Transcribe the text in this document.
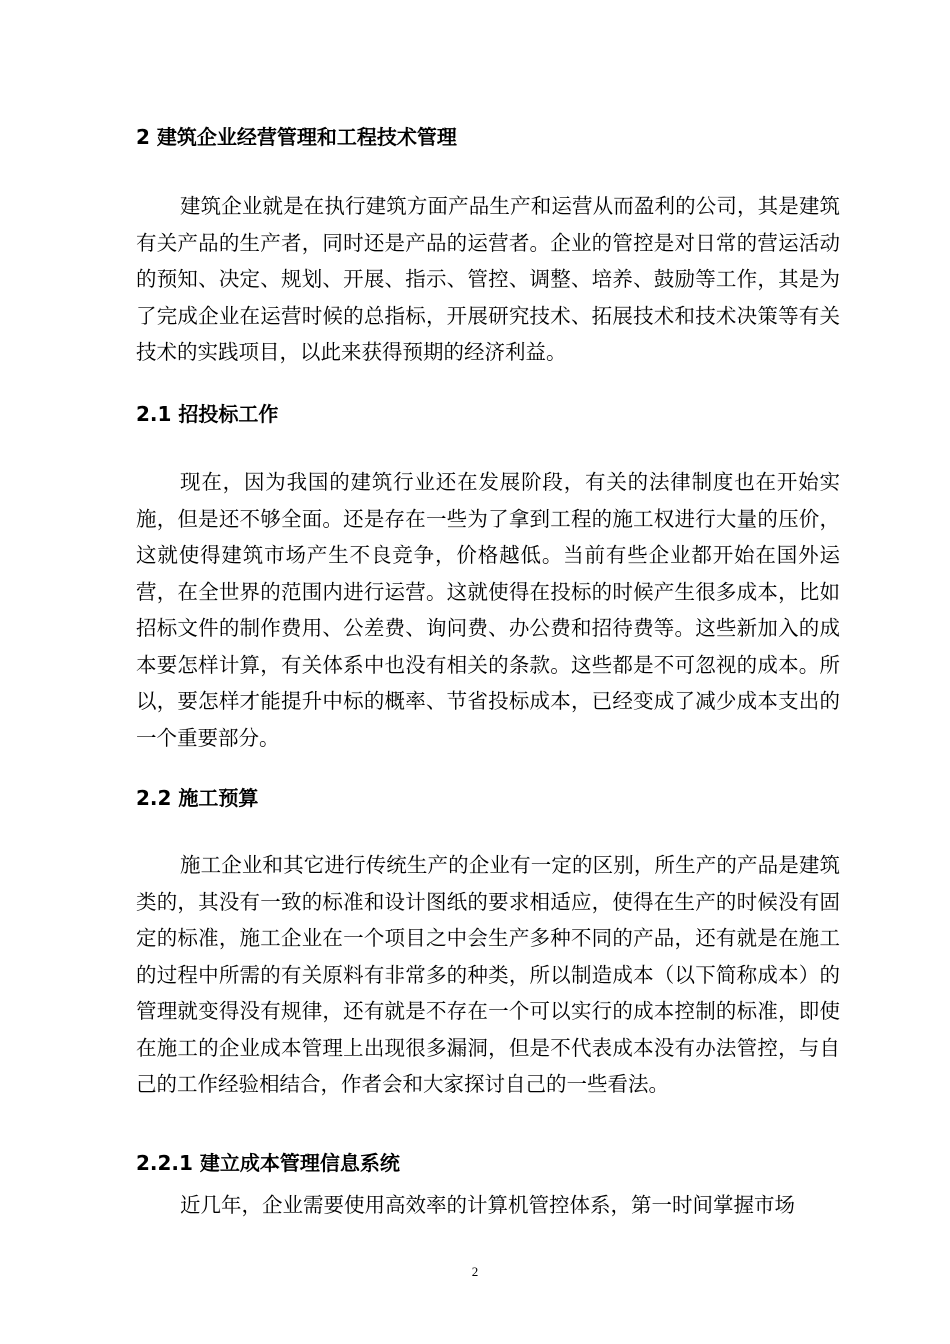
2 建筑企业经营管理和工程技术管理

建筑企业就是在执行建筑方面产品生产和运营从而盈利的公司，其是建筑有关产品的生产者，同时还是产品的运营者。企业的管控是对日常的营运活动的预知、决定、规划、开展、指示、管控、调整、培养、鼓励等工作，其是为了完成企业在运营时候的总指标，开展研究技术、拓展技术和技术决策等有关技术的实践项目，以此来获得预期的经济利益。

2.1 招投标工作

现在，因为我国的建筑行业还在发展阶段，有关的法律制度也在开始实施，但是还不够全面。还是存在一些为了拿到工程的施工权进行大量的压价，这就使得建筑市场产生不良竞争，价格越低。当前有些企业都开始在国外运营，在全世界的范围内进行运营。这就使得在投标的时候产生很多成本，比如招标文件的制作费用、公差费、询问费、办公费和招待费等。这些新加入的成本要怎样计算，有关体系中也没有相关的条款。这些都是不可忽视的成本。所以，要怎样才能提升中标的概率、节省投标成本，已经变成了减少成本支出的一个重要部分。

2.2 施工预算

施工企业和其它进行传统生产的企业有一定的区别，所生产的产品是建筑类的，其没有一致的标准和设计图纸的要求相适应，使得在生产的时候没有固定的标准，施工企业在一个项目之中会生产多种不同的产品，还有就是在施工的过程中所需的有关原料有非常多的种类，所以制造成本（以下简称成本）的管理就变得没有规律，还有就是不存在一个可以实行的成本控制的标准，即使在施工的企业成本管理上出现很多漏洞，但是不代表成本没有办法管控，与自己的工作经验相结合，作者会和大家探讨自己的一些看法。

2.2.1 建立成本管理信息系统

近几年，企业需要使用高效率的计算机管控体系，第一时间掌握市场

2
